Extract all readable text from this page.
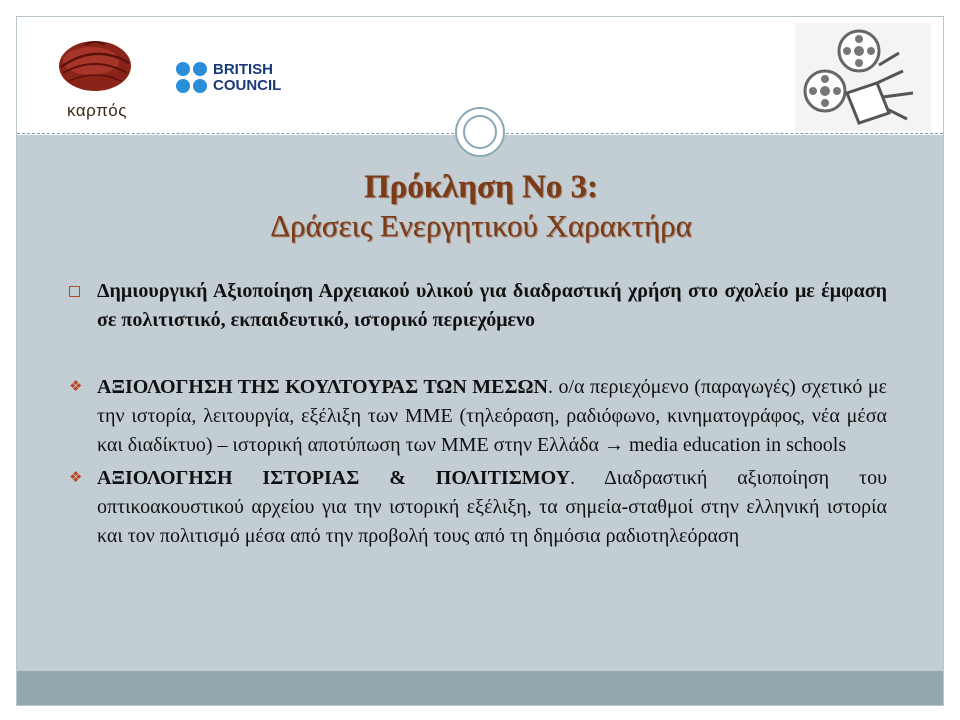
καρπός
BRITISH
COUNCIL
Πρόκληση Νο 3:
Δράσεις Ενεργητικού Χαρακτήρα
Δημιουργική Αξιοποίηση Αρχειακού υλικού για διαδραστική χρήση στο σχολείο με έμφαση σε πολιτιστικό, εκπαιδευτικό, ιστορικό περιεχόμενο
❖ ΑΞΙΟΛΟΓΗΣΗ ΤΗΣ ΚΟΥΛΤΟΥΡΑΣ ΤΩΝ ΜΕΣΩΝ. ο/α περιεχόμενο (παραγωγές) σχετικό με την ιστορία, λειτουργία, εξέλιξη των ΜΜΕ (τηλεόραση, ραδιόφωνο, κινηματογράφος, νέα μέσα και διαδίκτυο) – ιστορική αποτύπωση των ΜΜΕ στην Ελλάδα → media education in schools
❖ ΑΞΙΟΛΟΓΗΣΗ ΙΣΤΟΡΙΑΣ & ΠΟΛΙΤΙΣΜΟΥ. Διαδραστική αξιοποίηση του οπτικοακουστικού αρχείου για την ιστορική εξέλιξη, τα σημεία-σταθμοί στην ελληνική ιστορία και τον πολιτισμό μέσα από την προβολή τους από τη δημόσια ραδιοτηλεόραση
